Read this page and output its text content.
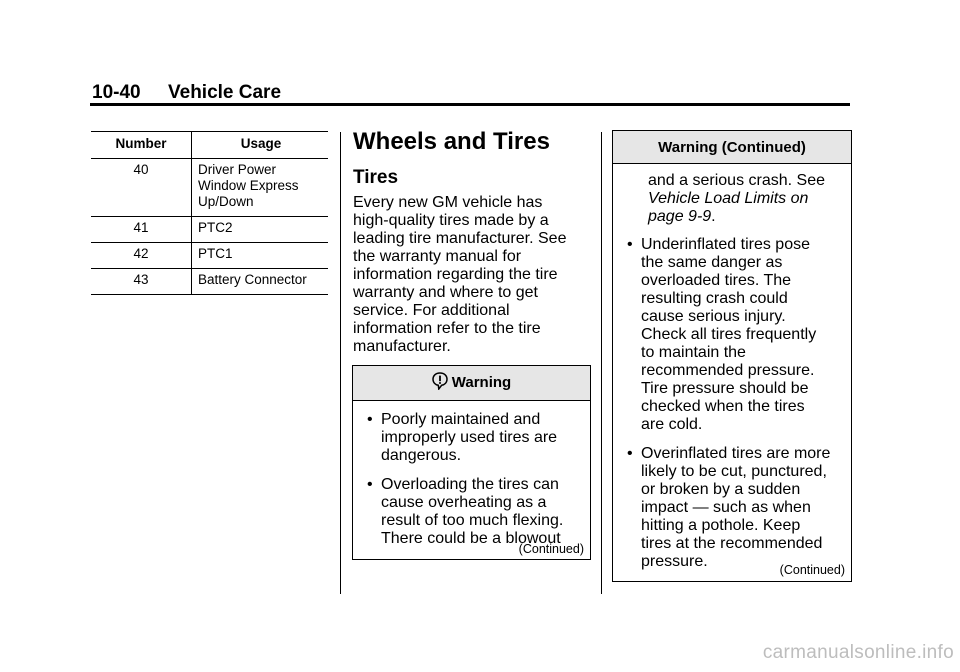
10-40 Vehicle Care
Number	Usage
40	Driver Power
Window Express
Up/Down

41	PTC2
42	PTC1
43	Battery Connector
Wheels and Tires
Tires
Every new GM vehicle has
high-quality tires made by a
leading tire manufacturer. See
the warranty manual for
information regarding the tire
warranty and where to get
service. For additional
information refer to the tire
manufacturer.
Warning
• Poorly maintained and
improperly used tires are
dangerous.
• Overloading the tires can
cause overheating as a
result of too much flexing.
There could be a blowout
(Continued)
Warning (Continued)
and a serious crash. See
Vehicle Load Limits on
page 9-9.
• Underinflated tires pose
the same danger as
overloaded tires. The
resulting crash could
cause serious injury.
Check all tires frequently
to maintain the
recommended pressure.
Tire pressure should be
checked when the tires
are cold.
• Overinflated tires are more
likely to be cut, punctured,
or broken by a sudden
impact — such as when
hitting a pothole. Keep
tires at the recommended
pressure.	(Continued)
carmanualsonline.info
